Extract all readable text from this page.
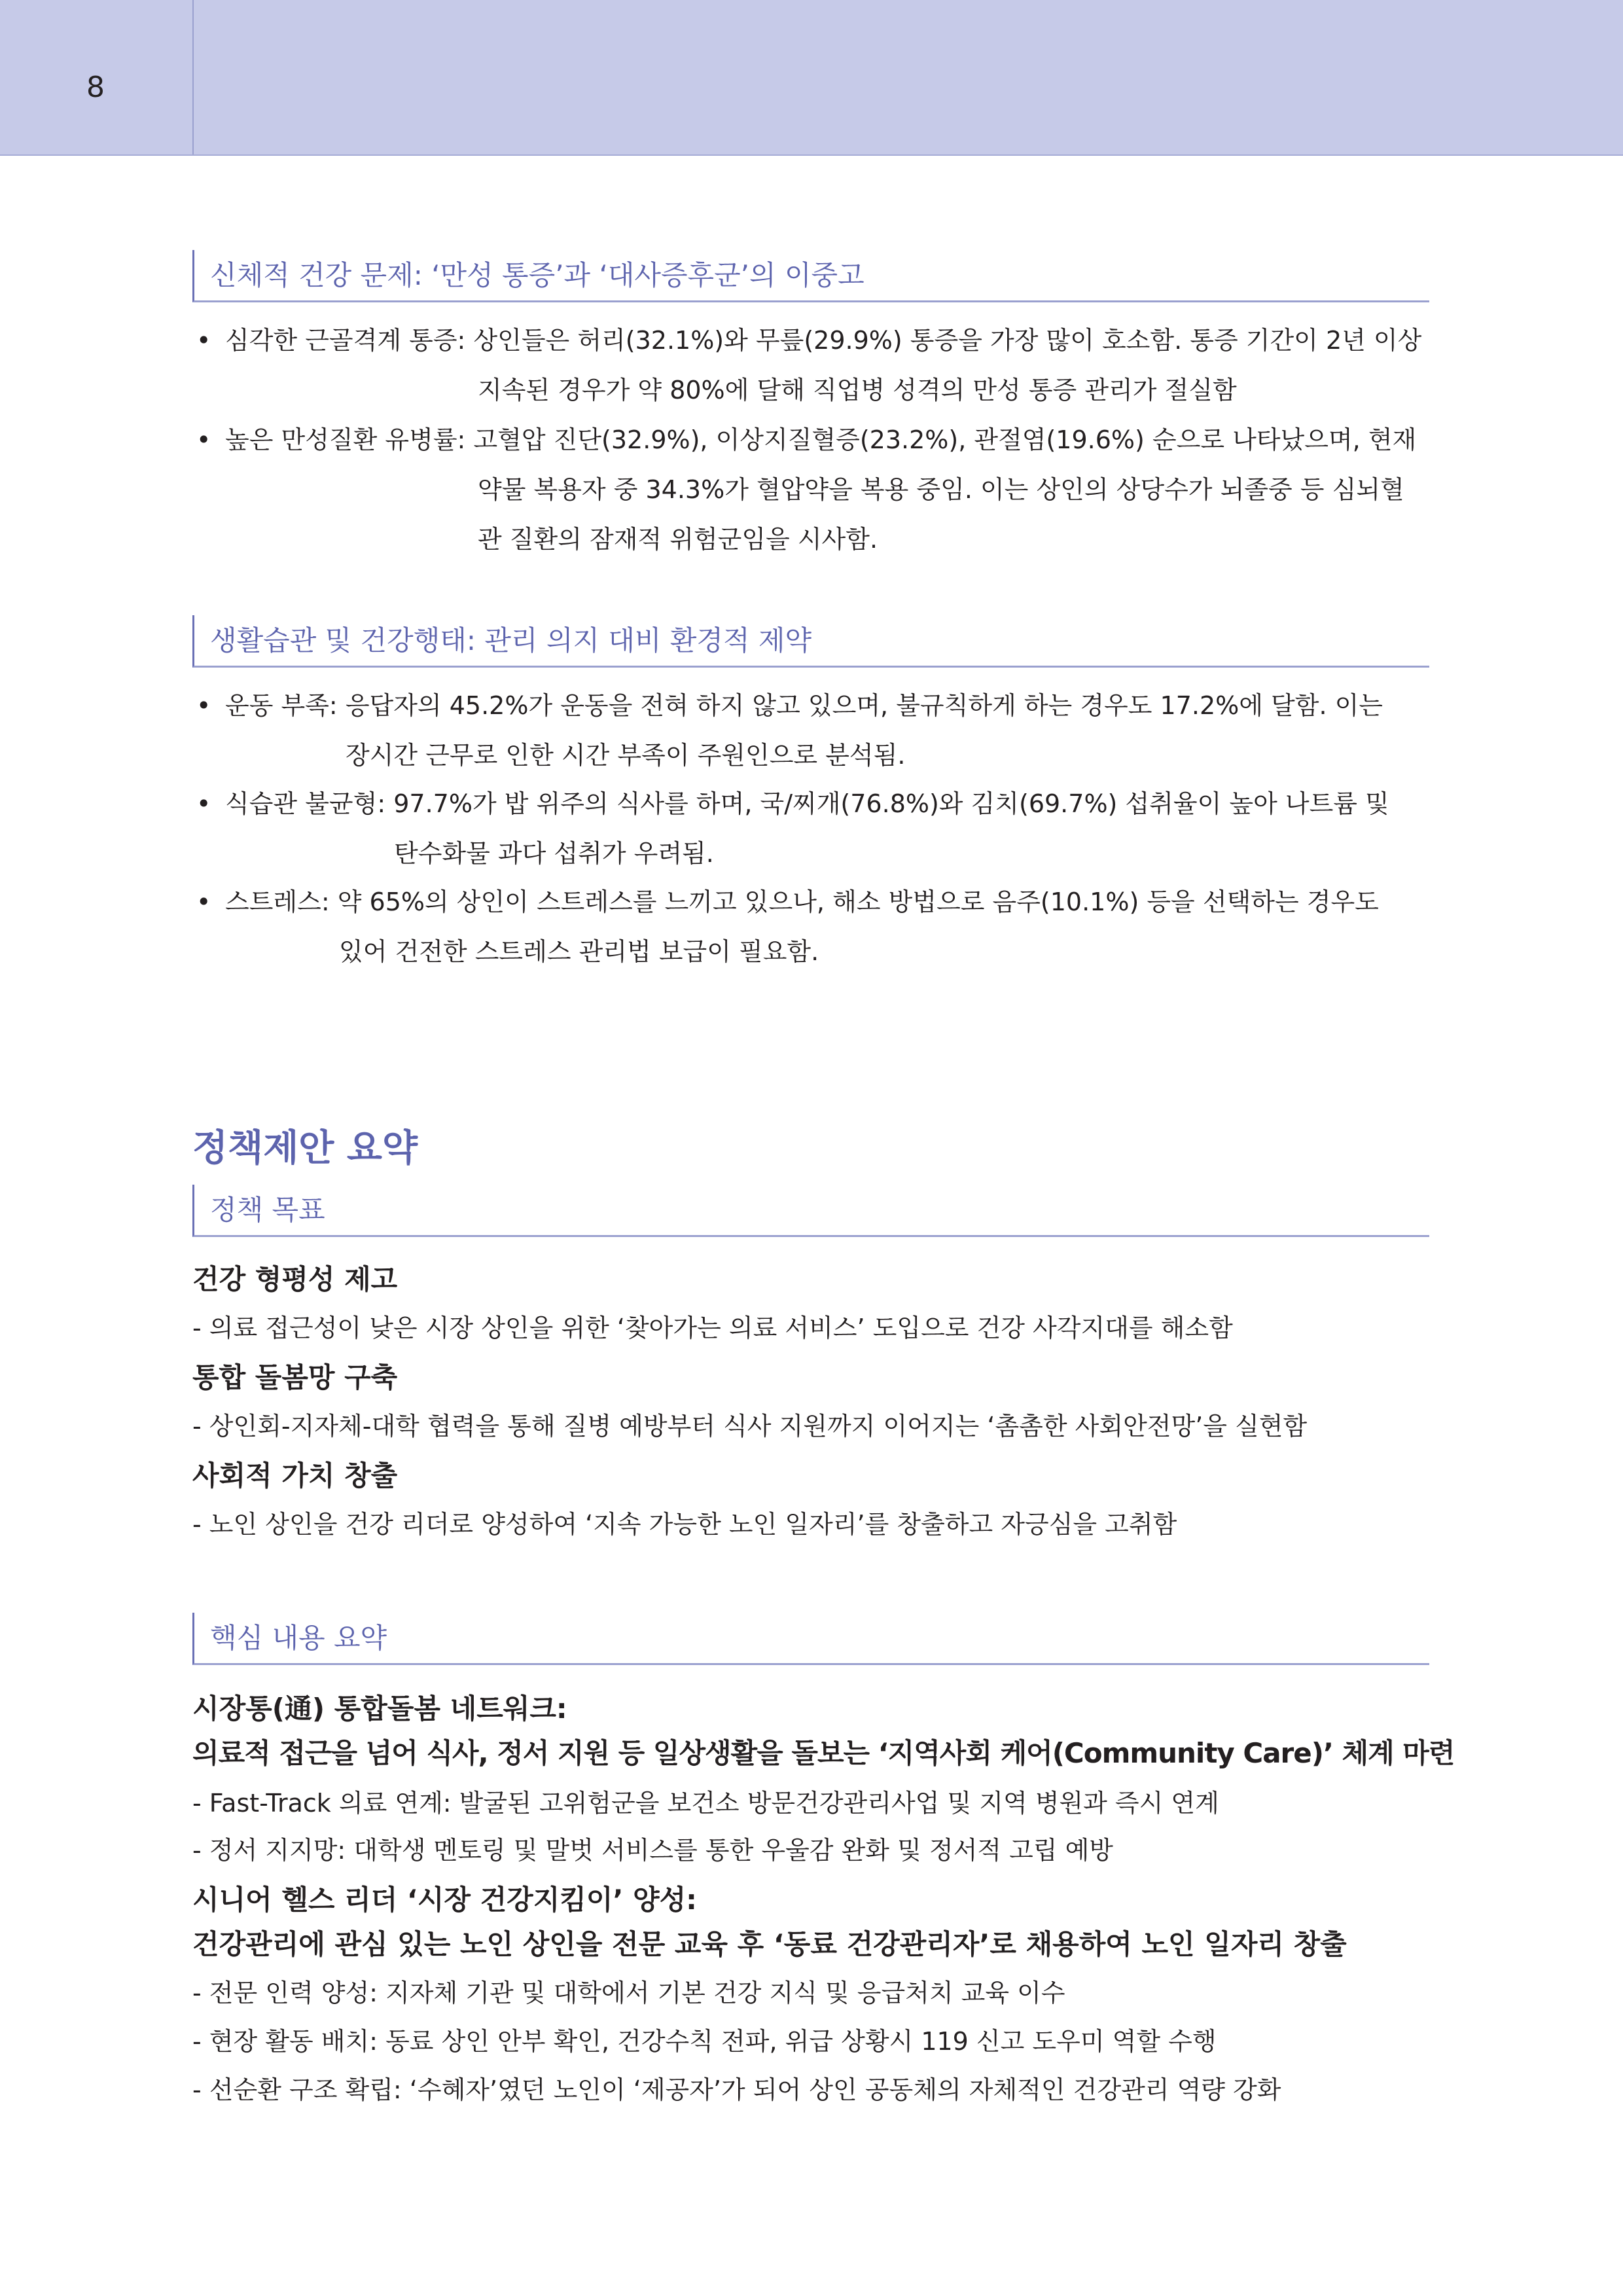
8
신체적 건강 문제: ‘만성 통증’과 ‘대사증후군’의 이중고
• 심각한 근골격계 통증: 상인들은 허리(32.1%)와 무릎(29.9%) 통증을 가장 많이 호소함. 통증 기간이 2년 이상
지속된 경우가 약 80%에 달해 직업병 성격의 만성 통증 관리가 절실함
• 높은 만성질환 유병률: 고혈압 진단(32.9%), 이상지질혈증(23.2%), 관절염(19.6%) 순으로 나타났으며, 현재
약물 복용자 중 34.3%가 혈압약을 복용 중임. 이는 상인의 상당수가 뇌졸중 등 심뇌혈
관 질환의 잠재적 위험군임을 시사함.
생활습관 및 건강행태: 관리 의지 대비 환경적 제약
• 운동 부족: 응답자의 45.2%가 운동을 전혀 하지 않고 있으며, 불규칙하게 하는 경우도 17.2%에 달함. 이는
장시간 근무로 인한 시간 부족이 주원인으로 분석됨.
• 식습관 불균형: 97.7%가 밥 위주의 식사를 하며, 국/찌개(76.8%)와 김치(69.7%) 섭취율이 높아 나트륨 및
탄수화물 과다 섭취가 우려됨.
• 스트레스: 약 65%의 상인이 스트레스를 느끼고 있으나, 해소 방법으로 음주(10.1%) 등을 선택하는 경우도
있어 건전한 스트레스 관리법 보급이 필요함.
정책제안 요약
정책 목표
건강 형평성 제고
- 의료 접근성이 낮은 시장 상인을 위한 ‘찾아가는 의료 서비스’ 도입으로 건강 사각지대를 해소함
통합 돌봄망 구축
- 상인회-지자체-대학 협력을 통해 질병 예방부터 식사 지원까지 이어지는 ‘촘촘한 사회안전망’을 실현함
사회적 가치 창출
- 노인 상인을 건강 리더로 양성하여 ‘지속 가능한 노인 일자리’를 창출하고 자긍심을 고취함
핵심 내용 요약
시장통(通) 통합돌봄 네트워크:
의료적 접근을 넘어 식사, 정서 지원 등 일상생활을 돌보는 ‘지역사회 케어(Community Care)’ 체계 마련
- Fast-Track 의료 연계: 발굴된 고위험군을 보건소 방문건강관리사업 및 지역 병원과 즉시 연계
- 정서 지지망: 대학생 멘토링 및 말벗 서비스를 통한 우울감 완화 및 정서적 고립 예방
시니어 헬스 리더 ‘시장 건강지킴이’ 양성:
건강관리에 관심 있는 노인 상인을 전문 교육 후 ‘동료 건강관리자’로 채용하여 노인 일자리 창출
- 전문 인력 양성: 지자체 기관 및 대학에서 기본 건강 지식 및 응급처치 교육 이수
- 현장 활동 배치: 동료 상인 안부 확인, 건강수칙 전파, 위급 상황시 119 신고 도우미 역할 수행
- 선순환 구조 확립: ‘수혜자’였던 노인이 ‘제공자’가 되어 상인 공동체의 자체적인 건강관리 역량 강화
